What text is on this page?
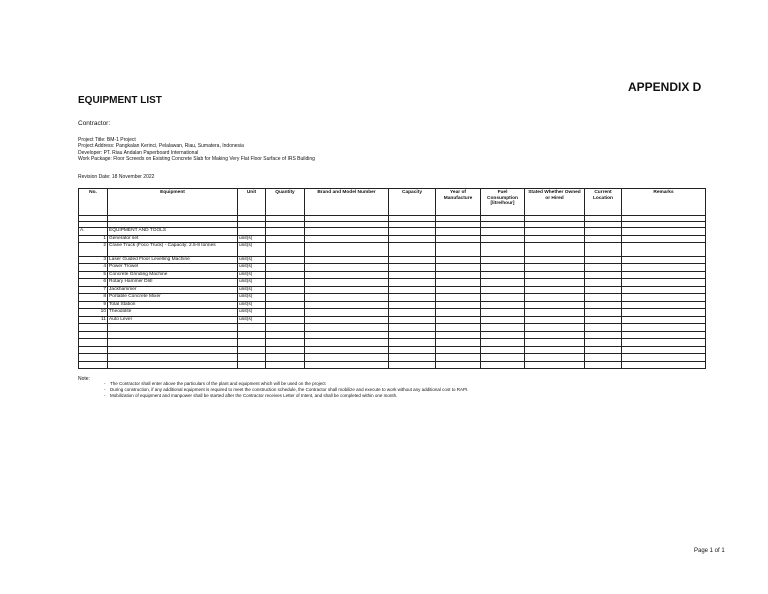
APPENDIX D
EQUIPMENT LIST
Contractor:
Project Title: BM-1 Project
Project Address: Pangkalan Kerinci, Pelalawan, Riau, Sumatera, Indonesia
Developer: PT. Riau Andalan Paperboard International
Work Package: Floor Screeds on Existing Concrete Slab for Making Very Flat Floor Surface of IRS Building
Revision Date: 18 November 2022
No.	Equipment	Unit	Quantity	Brand and Model Number	Capacity	Year of Manufacture	Fuel Consumption [litre/hour]	Stated Whether Owned or Hired	Current Location	Remarks

A.	EQUIPMENT AND TOOLS									
1	Generator set	unit(s)								
2	Crane Truck (Foco Truck) - Capacity: 2.5-8 tonnes	unit(s)								
3	Laser Guided Floor Levelling Machine	unit(s)								
4	Power Trowel	unit(s)								
5	Concrete Grinding Machine	unit(s)								
6	Rotary Hammer Drill	unit(s)								
7	Jackhammer	unit(s)								
8	Portable Concrete Mixer	unit(s)								
9	Total Station	unit(s)								
10	Theodolite	unit(s)								
11	Auto Level	unit(s)								

Note:
- The Contractor shall enter above the particulars of the plant and equipment which will be used on the project
- During construction, if any additional equipment is required to meet the construction schedule, the Contractor shall mobilize and execute to work without any additional cost to RAPI.
- Mobilization of equipment and manpower shall be started after the Contractor receives Letter of Intent, and shall be completed within one month.
Page 1 of 1
